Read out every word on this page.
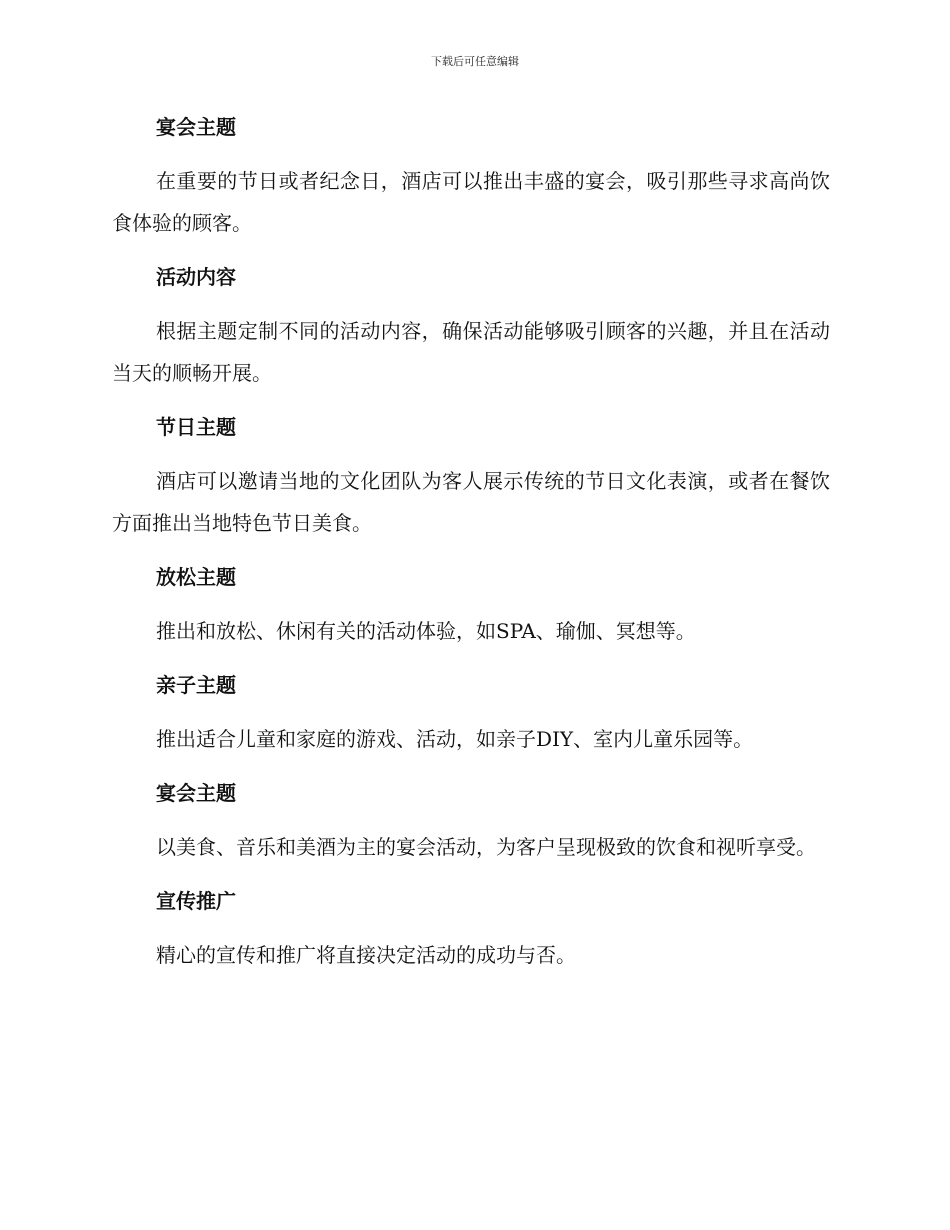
下载后可任意编辑
宴会主题

在重要的节日或者纪念日，酒店可以推出丰盛的宴会，吸引那些寻求高尚饮食体验的顾客。

活动内容

根据主题定制不同的活动内容，确保活动能够吸引顾客的兴趣，并且在活动当天的顺畅开展。

节日主题

酒店可以邀请当地的文化团队为客人展示传统的节日文化表演，或者在餐饮方面推出当地特色节日美食。

放松主题

推出和放松、休闲有关的活动体验，如SPA、瑜伽、冥想等。

亲子主题

推出适合儿童和家庭的游戏、活动，如亲子DIY、室内儿童乐园等。

宴会主题

以美食、音乐和美酒为主的宴会活动，为客户呈现极致的饮食和视听享受。

宣传推广

精心的宣传和推广将直接决定活动的成功与否。
